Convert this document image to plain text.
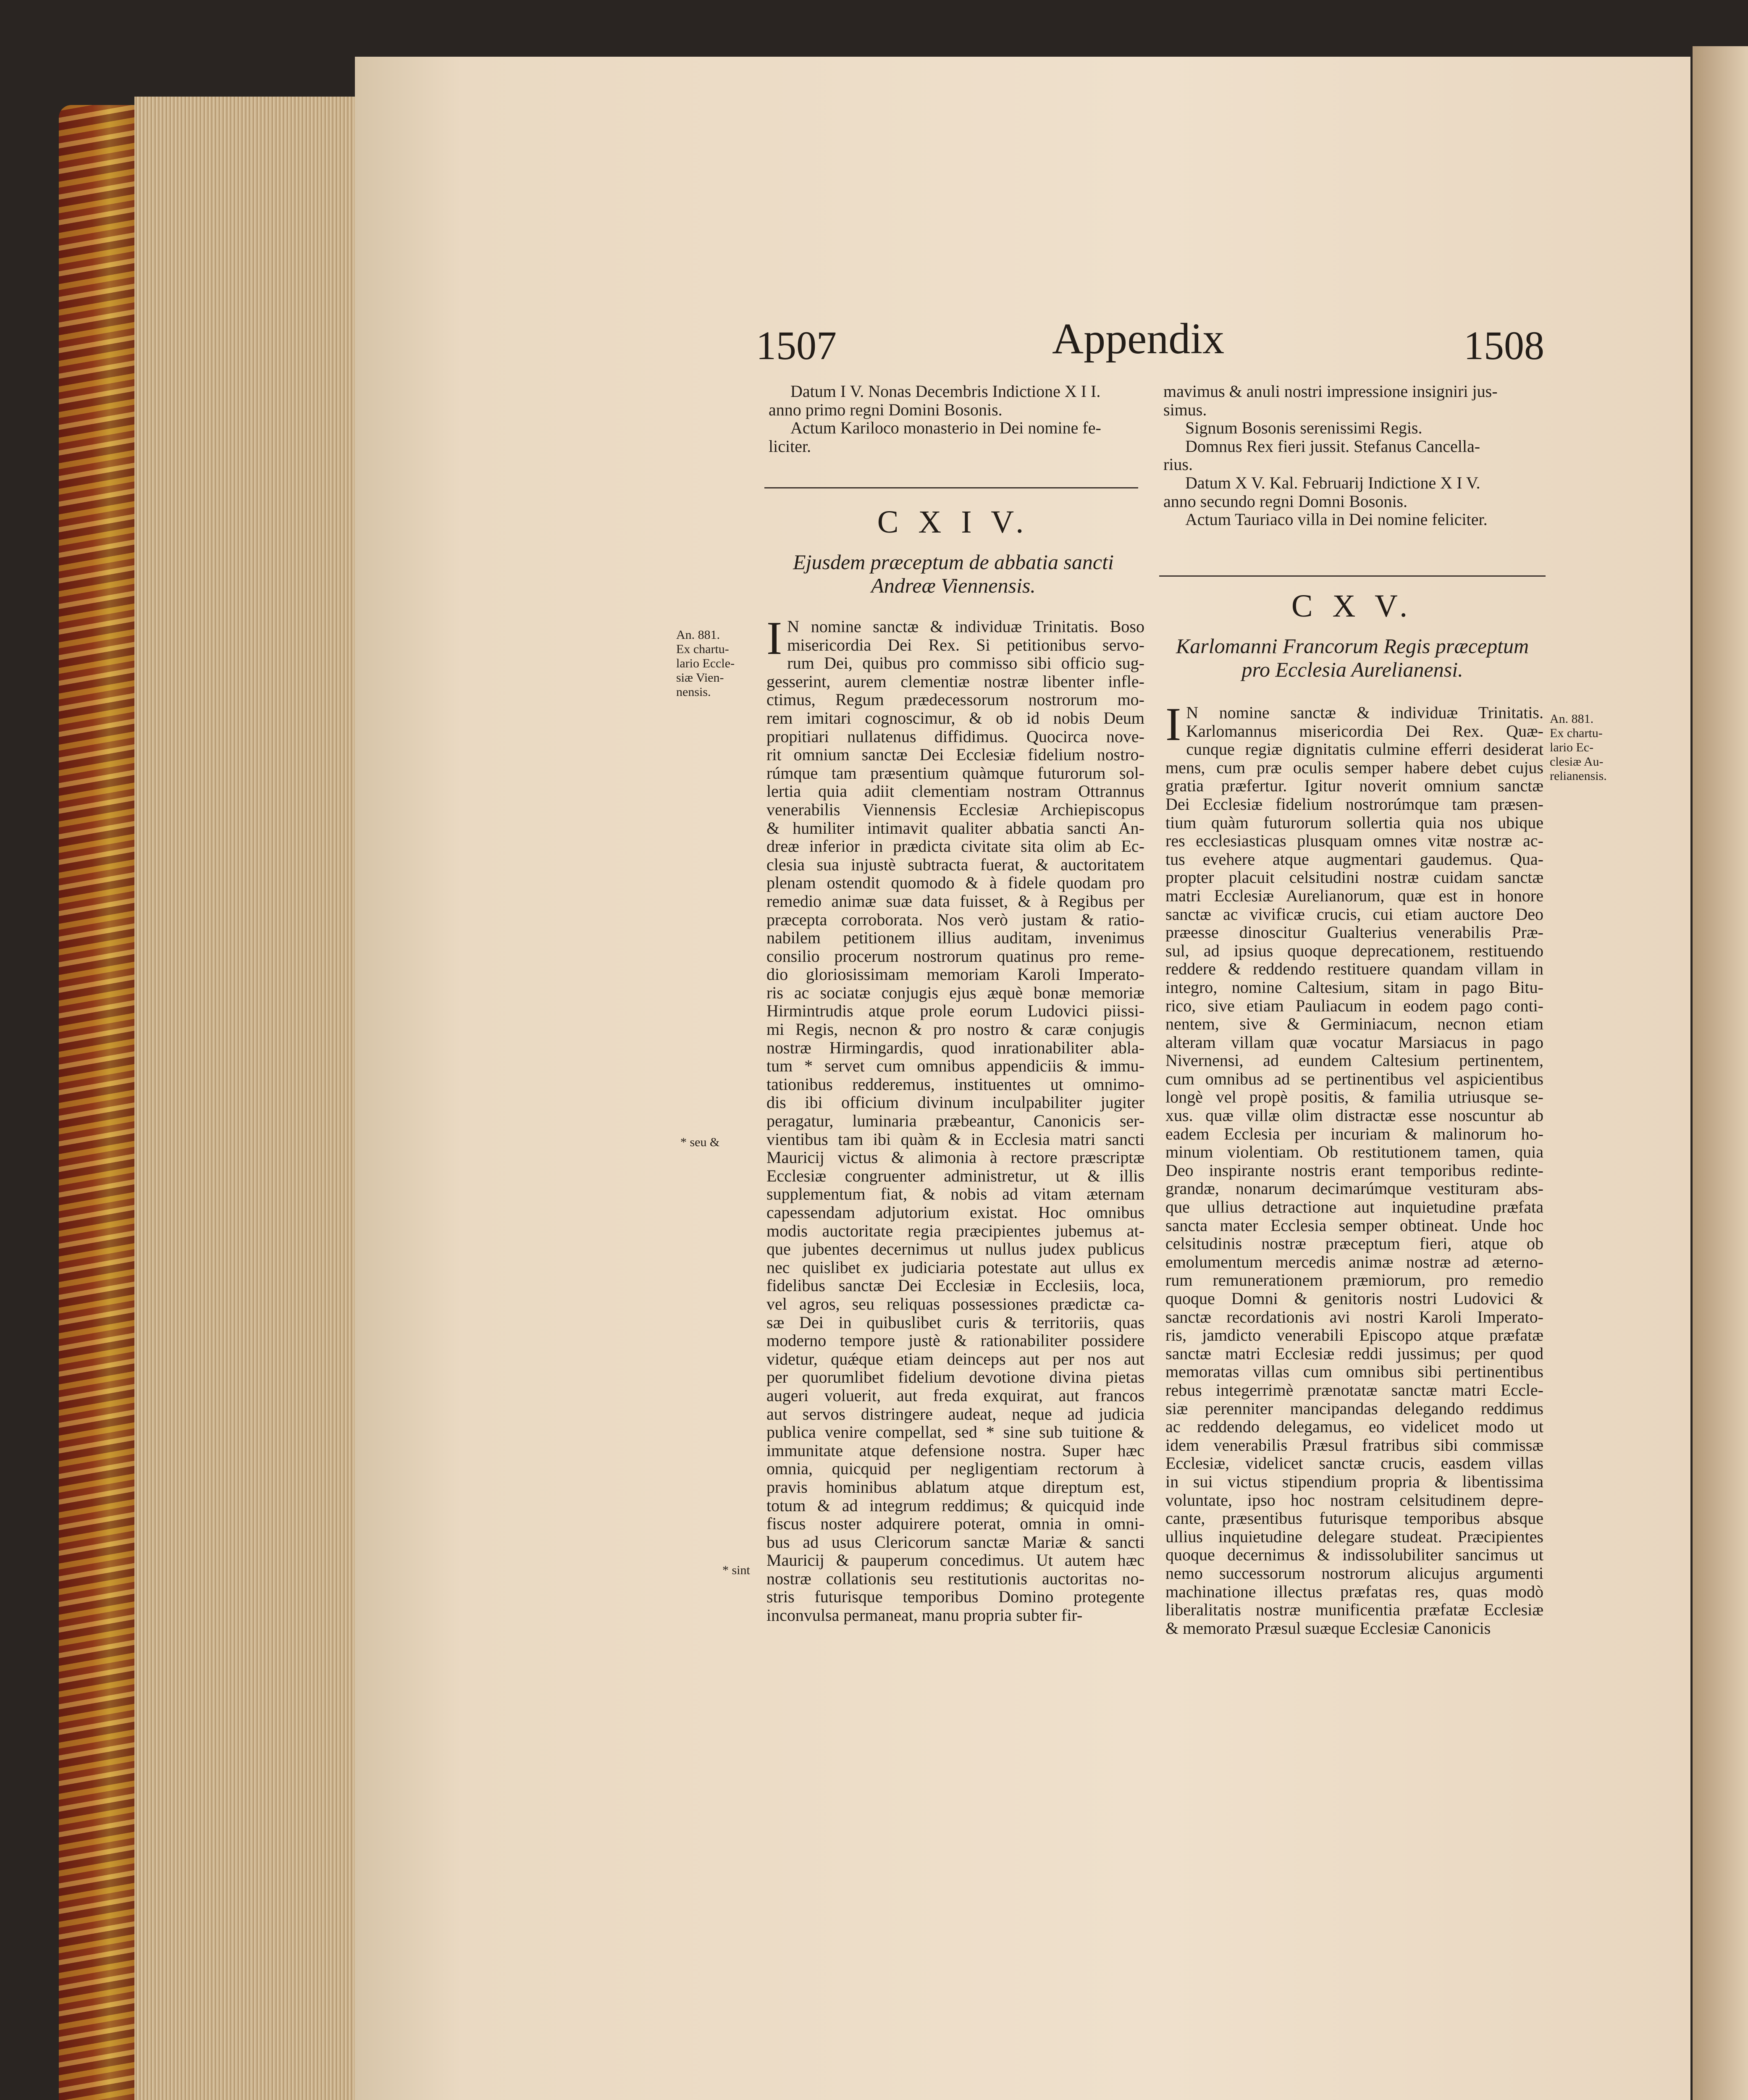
1507	Appendix	1508

Datum I V. Nonas Decembris Indictione X I I.

anno primo regni Domini Bosonis.

Actum Kariloco monasterio in Dei nomine fe-

liciter.

C X I V.
Ejusdem præceptum de abbatia sancti
Andreæ Viennensis.
I N nomine sanctæ & individuæ Trinitatis. Boso

misericordia Dei Rex. Si petitionibus servo-

rum Dei, quibus pro commisso sibi officio sug-

gesserint, aurem clementiæ nostræ libenter infle-

ctimus, Regum prædecessorum nostrorum mo-

rem imitari cognoscimur, & ob id nobis Deum

propitiari nullatenus diffidimus. Quocirca nove-

rit omnium sanctæ Dei Ecclesiæ fidelium nostro-

rúmque tam præsentium quàmque futurorum sol-

lertia quia adiit clementiam nostram Ottrannus

venerabilis Viennensis Ecclesiæ Archiepiscopus

& humiliter intimavit qualiter abbatia sancti An-

dreæ inferior in prædicta civitate sita olim ab Ec-

clesia sua injustè subtracta fuerat, & auctoritatem

plenam ostendit quomodo & à fidele quodam pro

remedio animæ suæ data fuisset, & à Regibus per

præcepta corroborata. Nos verò justam & ratio-

nabilem petitionem illius auditam, invenimus

consilio procerum nostrorum quatinus pro reme-

dio gloriosissimam memoriam Karoli Imperato-

ris ac sociatæ conjugis ejus æquè bonæ memoriæ

Hirmintrudis atque prole eorum Ludovici piissi-

mi Regis, necnon & pro nostro & caræ conjugis

nostræ Hirmingardis, quod inrationabiliter abla-

tum * servet cum omnibus appendiciis & immu-

tationibus redderemus, instituentes ut omnimo-

dis ibi officium divinum inculpabiliter jugiter

peragatur, luminaria præbeantur, Canonicis ser-

vientibus tam ibi quàm & in Ecclesia matri sancti

Mauricij victus & alimonia à rectore præscriptæ

Ecclesiæ congruenter administretur, ut & illis

supplementum fiat, & nobis ad vitam æternam

capessendam adjutorium existat. Hoc omnibus

modis auctoritate regia præcipientes jubemus at-

que jubentes decernimus ut nullus judex publicus

nec quislibet ex judiciaria potestate aut ullus ex

fidelibus sanctæ Dei Ecclesiæ in Ecclesiis, loca,

vel agros, seu reliquas possessiones prædictæ ca-

sæ Dei in quibuslibet curis & territoriis, quas

moderno tempore justè & rationabiliter possidere

videtur, quǽque etiam deinceps aut per nos aut

per quorumlibet fidelium devotione divina pietas

augeri voluerit, aut freda exquirat, aut francos

aut servos distringere audeat, neque ad judicia

publica venire compellat, sed * sine sub tuitione &

immunitate atque defensione nostra. Super hæc

omnia, quicquid per negligentiam rectorum à

pravis hominibus ablatum atque direptum est,

totum & ad integrum reddimus; & quicquid inde

fiscus noster adquirere poterat, omnia in omni-

bus ad usus Clericorum sanctæ Mariæ & sancti

Mauricij & pauperum concedimus. Ut autem hæc

nostræ collationis seu restitutionis auctoritas no-

stris futurisque temporibus Domino protegente

inconvulsa permaneat, manu propria subter fir-

An. 881.
Ex chartu-
lario Eccle-
siæ Vien-
nensis.
* seu &
* sint

mavimus & anuli nostri impressione insigniri jus-

simus.

Signum Bosonis serenissimi Regis.

Domnus Rex fieri jussit. Stefanus Cancella-

rius.

Datum X V. Kal. Februarij Indictione X I V.

anno secundo regni Domni Bosonis.

Actum Tauriaco villa in Dei nomine feliciter.

C X V.
Karlomanni Francorum Regis præceptum
pro Ecclesia Aurelianensi.
I N nomine sanctæ & individuæ Trinitatis.

Karlomannus misericordia Dei Rex. Quæ-

cunque regiæ dignitatis culmine efferri desiderat

mens, cum præ oculis semper habere debet cujus

gratia præfertur. Igitur noverit omnium sanctæ

Dei Ecclesiæ fidelium nostrorúmque tam præsen-

tium quàm futurorum sollertia quia nos ubique

res ecclesiasticas plusquam omnes vitæ nostræ ac-

tus evehere atque augmentari gaudemus. Qua-

propter placuit celsitudini nostræ cuidam sanctæ

matri Ecclesiæ Aurelianorum, quæ est in honore

sanctæ ac vivificæ crucis, cui etiam auctore Deo

præesse dinoscitur Gualterius venerabilis Præ-

sul, ad ipsius quoque deprecationem, restituendo

reddere & reddendo restituere quandam villam in

integro, nomine Caltesium, sitam in pago Bitu-

rico, sive etiam Pauliacum in eodem pago conti-

nentem, sive & Germiniacum, necnon etiam

alteram villam quæ vocatur Marsiacus in pago

Nivernensi, ad eundem Caltesium pertinentem,

cum omnibus ad se pertinentibus vel aspicientibus

longè vel propè positis, & familia utriusque se-

xus. quæ villæ olim distractæ esse noscuntur ab

eadem Ecclesia per incuriam & malinorum ho-

minum violentiam. Ob restitutionem tamen, quia

Deo inspirante nostris erant temporibus redinte-

grandæ, nonarum decimarúmque vestituram abs-

que ullius detractione aut inquietudine præfata

sancta mater Ecclesia semper obtineat. Unde hoc

celsitudinis nostræ præceptum fieri, atque ob

emolumentum mercedis animæ nostræ ad æterno-

rum remunerationem præmiorum, pro remedio

quoque Domni & genitoris nostri Ludovici &

sanctæ recordationis avi nostri Karoli Imperato-

ris, jamdicto venerabili Episcopo atque præfatæ

sanctæ matri Ecclesiæ reddi jussimus; per quod

memoratas villas cum omnibus sibi pertinentibus

rebus integerrimè prænotatæ sanctæ matri Eccle-

siæ perenniter mancipandas delegando reddimus

ac reddendo delegamus, eo videlicet modo ut

idem venerabilis Præsul fratribus sibi commissæ

Ecclesiæ, videlicet sanctæ crucis, easdem villas

in sui victus stipendium propria & libentissima

voluntate, ipso hoc nostram celsitudinem depre-

cante, præsentibus futurisque temporibus absque

ullius inquietudine delegare studeat. Præcipientes

quoque decernimus & indissolubiliter sancimus ut

nemo successorum nostrorum alicujus argumenti

machinatione illectus præfatas res, quas modò

liberalitatis nostræ munificentia præfatæ Ecclesiæ

& memorato Præsul suæque Ecclesiæ Canonicis

An. 881.
Ex chartu-
lario Ec-
clesiæ Au-
relianensis.
